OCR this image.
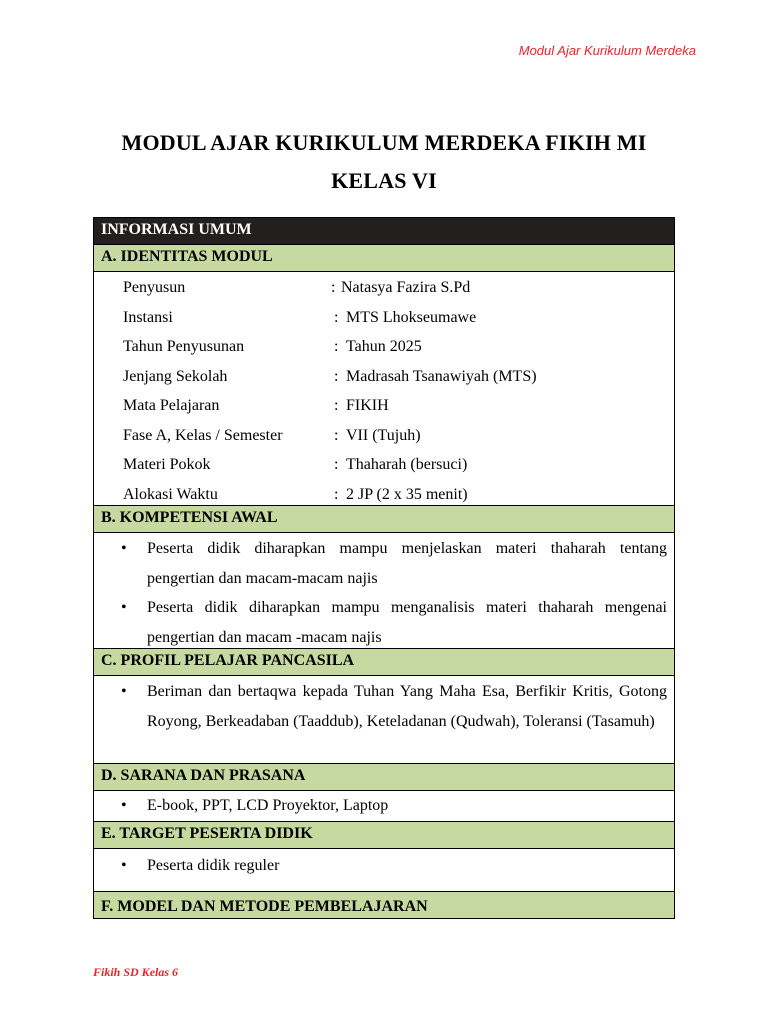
Modul Ajar Kurikulum Merdeka
MODUL AJAR KURIKULUM MERDEKA FIKIH MI
KELAS VI
INFORMASI UMUM
A. IDENTITAS MODUL
Penyusun	: Natasya Fazira S.Pd
Instansi	: MTS Lhokseumawe
Tahun Penyusunan	: Tahun 2025
Jenjang Sekolah	: Madrasah Tsanawiyah (MTS)
Mata Pelajaran	: FIKIH
Fase A, Kelas / Semester	: VII (Tujuh)
Materi Pokok	: Thaharah (bersuci)
Alokasi Waktu	: 2 JP (2 x 35 menit)
B. KOMPETENSI AWAL
• Peserta didik diharapkan mampu menjelaskan materi thaharah tentang pengertian dan macam-macam najis
• Peserta didik diharapkan mampu menganalisis materi thaharah mengenai pengertian dan macam -macam najis
C. PROFIL PELAJAR PANCASILA
• Beriman dan bertaqwa kepada Tuhan Yang Maha Esa, Berfikir Kritis, Gotong Royong, Berkeadaban (Taaddub), Keteladanan (Qudwah), Toleransi (Tasamuh)
D. SARANA DAN PRASANA
• E-book, PPT, LCD Proyektor, Laptop
E. TARGET PESERTA DIDIK
• Peserta didik reguler
F. MODEL DAN METODE PEMBELAJARAN
Fikih SD Kelas 6
